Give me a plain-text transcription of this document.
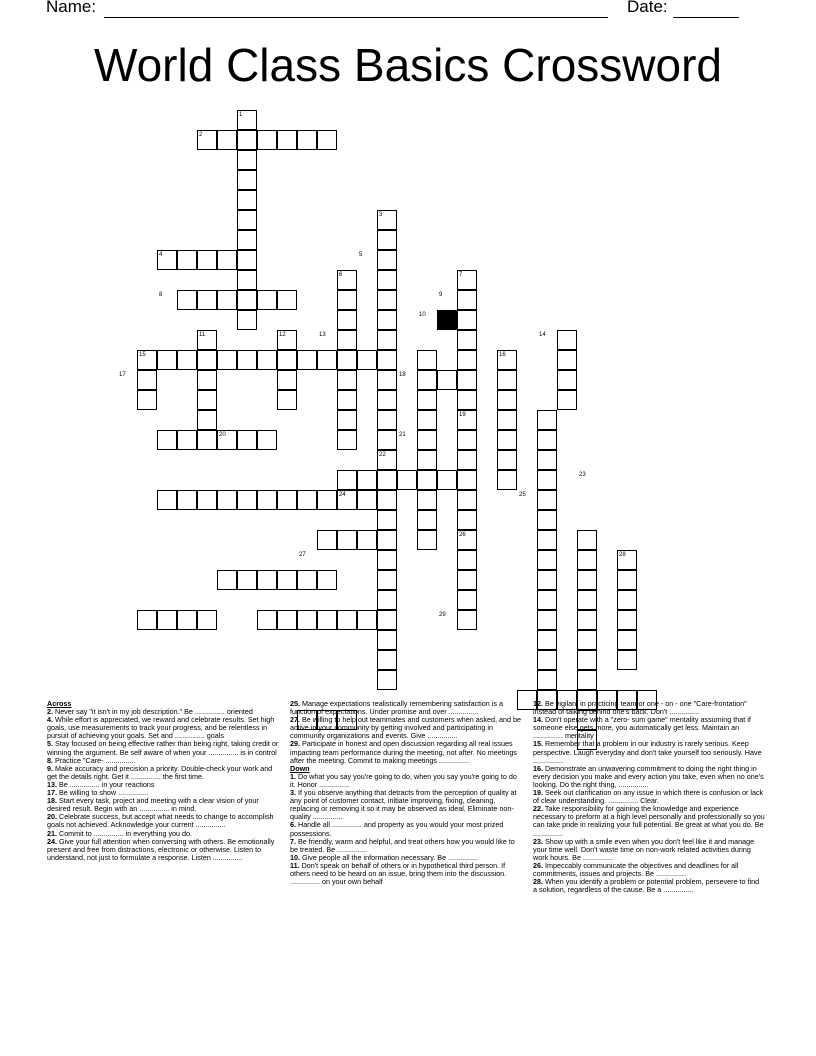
Name:	Date:
World Class Basics Crossword
1
2
3
4	5
6	7
8	9
10
11	12	13	14
15	16
17	18
19
20	21
22
23
24	25
26
27	28
29

Across

2. Never say "it isn't in my job description." Be ............... oriented

4. While effort is appreciated, we reward and celebrate results. Set high goals, use measurements to track your progress, and be relentless in pursuit of achieving your goals. Set and ............... goals

5. Stay focused on being effective rather than being right, taking credit or winning the argument. Be self aware of when your ............... is in control

8. Practice "Care- ...............

9. Make accuracy and precision a priority. Double-check your work and get the details right. Get it ............... the first time.

13. Be ............... in your reactions

17. Be willing to show ...............

18. Start every task, project and meeting with a clear vision of your desired result. Begin with an ............... in mind.

20. Celebrate success, but accept what needs to change to accomplish goals not achieved. Acknowledge your current ...............

21. Commit to ............... in everything you do.

24. Give your full attention when conversing with others. Be emotionally present and free from distractions, electronic or otherwise. Listen to understand, not just to formulate a response. Listen ...............

25. Manage expectations realistically remembering satisfaction is a function of expectations. Under promise and over ...............

27. Be willing to help out teammates and customers when asked, and be active in your community by getting involved and participating in community organizations and events. Give ...............

29. Participate in honest and open discussion regarding all real issues impacting team performance during the meeting, not after. No meetings after the meeting. Commit to making meetings ...............

Down

1. Do what you say you're going to do, when you say you're going to do it. Honor ...............

3. If you observe anything that detracts from the perception of quality at any point of customer contact, initiate improving, fixing, cleaning, replacing or removing it so it may be observed as ideal. Eliminate non- quality ...............

6. Handle all ............... and property as you would your most prized possessions.

7. Be friendly, warm and helpful, and treat others how you would like to be treated. Be ...............

10. Give people all the information necessary. Be ...............

11. Don't speak on behalf of others or in hypothetical third person. If others need to be heard on an issue, bring them into the discussion. ............... on your own behalf

12. Be vigilant in practicing team or one - on - one "Care-frontation" instead of talking behind one's back. Don't ...............

14. Don't operate with a "zero- sum game" mentality assuming that if someone else gets more, you automatically get less. Maintain an ............... mentality

15. Remember that a problem in our industry is rarely serious. Keep perspective. Laugh everyday and don't take yourself too seriously. Have ...............

16. Demonstrate an unwavering commitment to doing the right thing in every decision you make and every action you take, even when no one's looking. Do the right thing, ...............

19. Seek out clarification on any issue in which there is confusion or lack of clear understanding. ............... Clear.

22. Take responsibility for gaining the knowledge and experience necessary to preform at a high level personally and professionally so you can take pride in realizing your full potential. Be great at what you do. Be ...............

23. Show up with a smile even when you don't feel like it and manage your time well. Don't waste time on non-work related activities during work hours. Be ...............

26. Impeccably communicate the objectives and deadlines for all commitments, issues and projects. Be ...............

28. When you identify a problem or potential problem, persevere to find a solution, regardless of the cause. Be a ...............
